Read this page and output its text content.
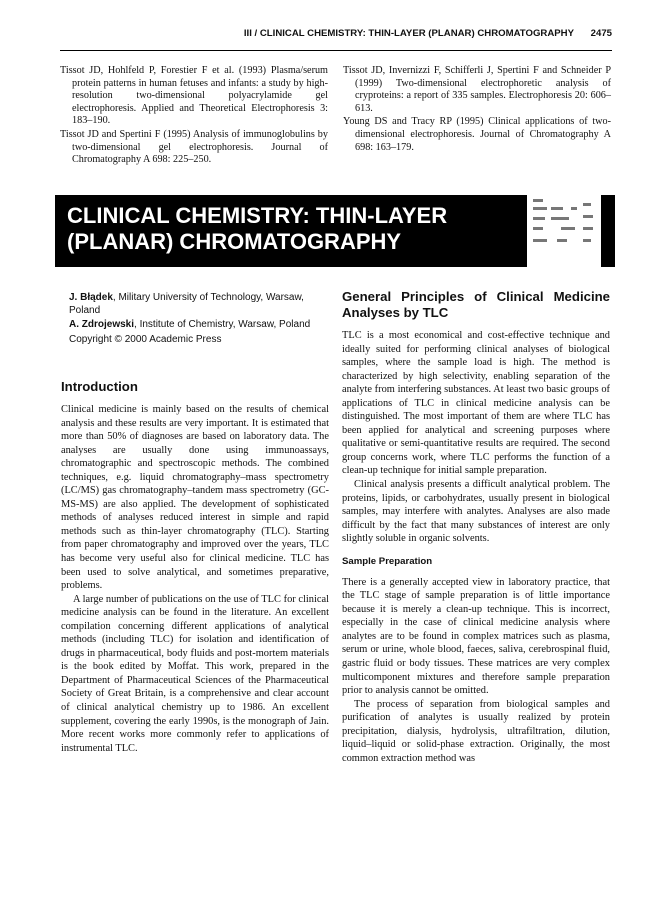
III / CLINICAL CHEMISTRY: THIN-LAYER (PLANAR) CHROMATOGRAPHY 2475
Tissot JD, Hohlfeld P, Forestier F et al. (1993) Plasma/serum protein patterns in human fetuses and infants: a study by high-resolution two-dimensional polyacrylamide gel electrophoresis. Applied and Theoretical Electrophoresis 3: 183–190.
Tissot JD and Spertini F (1995) Analysis of immunoglobulins by two-dimensional gel electrophoresis. Journal of Chromatography A 698: 225–250.
Tissot JD, Invernizzi F, Schifferli J, Spertini F and Schneider P (1999) Two-dimensional electrophoretic analysis of cryproteins: a report of 335 samples. Electrophoresis 20: 606–613.
Young DS and Tracy RP (1995) Clinical applications of two-dimensional electrophoresis. Journal of Chromatography A 698: 163–179.
CLINICAL CHEMISTRY: THIN-LAYER (PLANAR) CHROMATOGRAPHY
J. Błądek, Military University of Technology, Warsaw, Poland
A. Zdrojewski, Institute of Chemistry, Warsaw, Poland
Copyright © 2000 Academic Press
Introduction

Clinical medicine is mainly based on the results of chemical analysis and these results are very important. It is estimated that more than 50% of diagnoses are based on laboratory data. The analyses are usually done using immunoassays, chromatographic and spectroscopic methods. The combined techniques, e.g. liquid chromatography–mass spectrometry (LC/MS) gas chromatography–tandem mass spectrometry (GC-MS-MS) are also applied. The development of sophisticated methods of analyses reduced interest in simple and rapid methods such as thin-layer chromatography (TLC). Starting from paper chromatography and improved over the years, TLC has become very useful also for clinical medicine. TLC has been used to solve analytical, and sometimes preparative, problems.

A large number of publications on the use of TLC for clinical medicine analysis can be found in the literature. An excellent compilation concerning different applications of analytical methods (including TLC) for isolation and identification of drugs in pharmaceutical, body fluids and post-mortem materials is the book edited by Moffat. This work, prepared in the Department of Pharmaceutical Sciences of the Pharmaceutical Society of Great Britain, is a comprehensive and clear account of clinical analytical chemistry up to 1986. An excellent supplement, covering the early 1990s, is the monograph of Jain. More recent works more commonly refer to applications of instrumental TLC.

General Principles of Clinical Medicine Analyses by TLC

TLC is a most economical and cost-effective technique and ideally suited for performing clinical analyses of biological samples, where the sample load is high. The method is characterized by high selectivity, enabling separation of the analyte from interfering substances. At least two basic groups of applications of TLC in clinical medicine analysis can be distinguished. The most important of them are where TLC has been applied for analytical and screening purposes where qualitative or semi-quantitative results are required. The second group concerns work, where TLC performs the function of a clean-up technique for initial sample preparation.

Clinical analysis presents a difficult analytical problem. The proteins, lipids, or carbohydrates, usually present in biological samples, may interfere with analytes. Analyses are also made difficult by the fact that many substances of interest are only slightly soluble in organic solvents.

Sample Preparation

There is a generally accepted view in laboratory practice, that the TLC stage of sample preparation is of little importance because it is merely a clean-up technique. This is incorrect, especially in the case of clinical medicine analysis where analytes are to be found in complex matrices such as plasma, serum or urine, whole blood, faeces, saliva, cerebrospinal fluid, gastric fluid or body tissues. These matrices are very complex multicomponent mixtures and therefore sample preparation prior to analysis cannot be omitted.

The process of separation from biological samples and purification of analytes is usually realized by protein precipitation, dialysis, hydrolysis, ultrafiltration, dilution, liquid–liquid or solid-phase extraction. Originally, the most common extraction method was
